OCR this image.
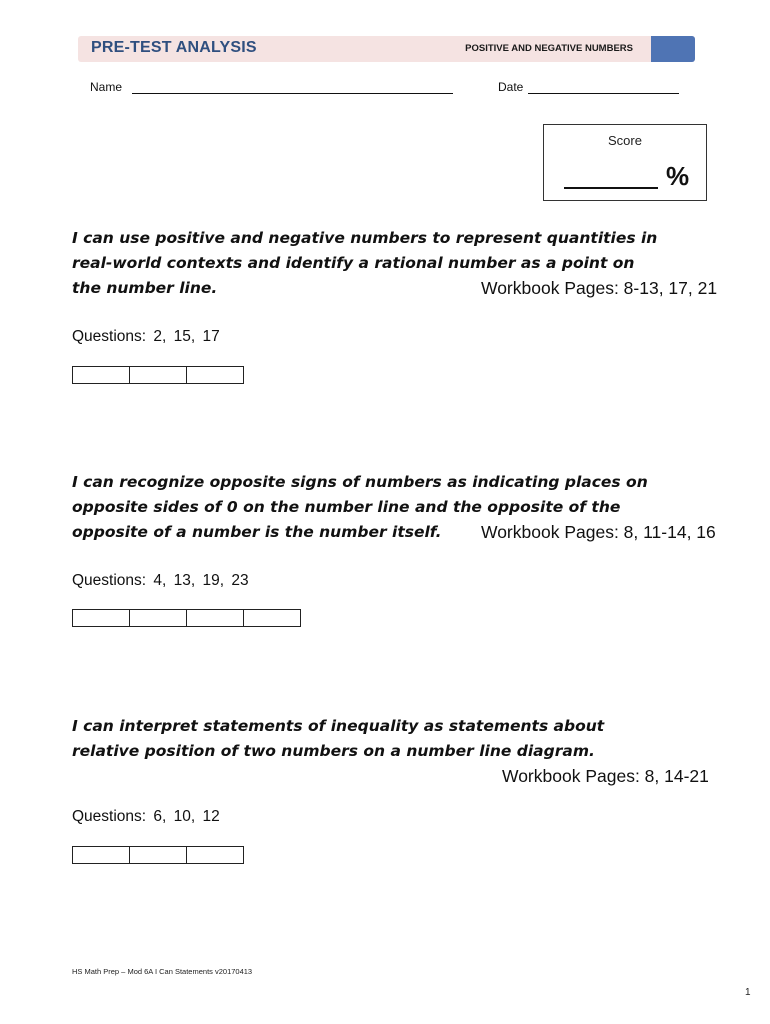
PRE-TEST ANALYSIS	POSITIVE AND NEGATIVE NUMBERS
Name	Date
Score
%
I can use positive and negative numbers to represent quantities in
real-world contexts and identify a rational number as a point on
the number line.	Workbook Pages: 8-13, 17, 21
Questions: 2, 15, 17
I can recognize opposite signs of numbers as indicating places on
opposite sides of 0 on the number line and the opposite of the
opposite of a number is the number itself.	Workbook Pages: 8, 11-14, 16
Questions: 4, 13, 19, 23
I can interpret statements of inequality as statements about
relative position of two numbers on a number line diagram.
Workbook Pages: 8, 14-21
Questions: 6, 10, 12
HS Math Prep – Mod 6A I Can Statements v20170413
1
